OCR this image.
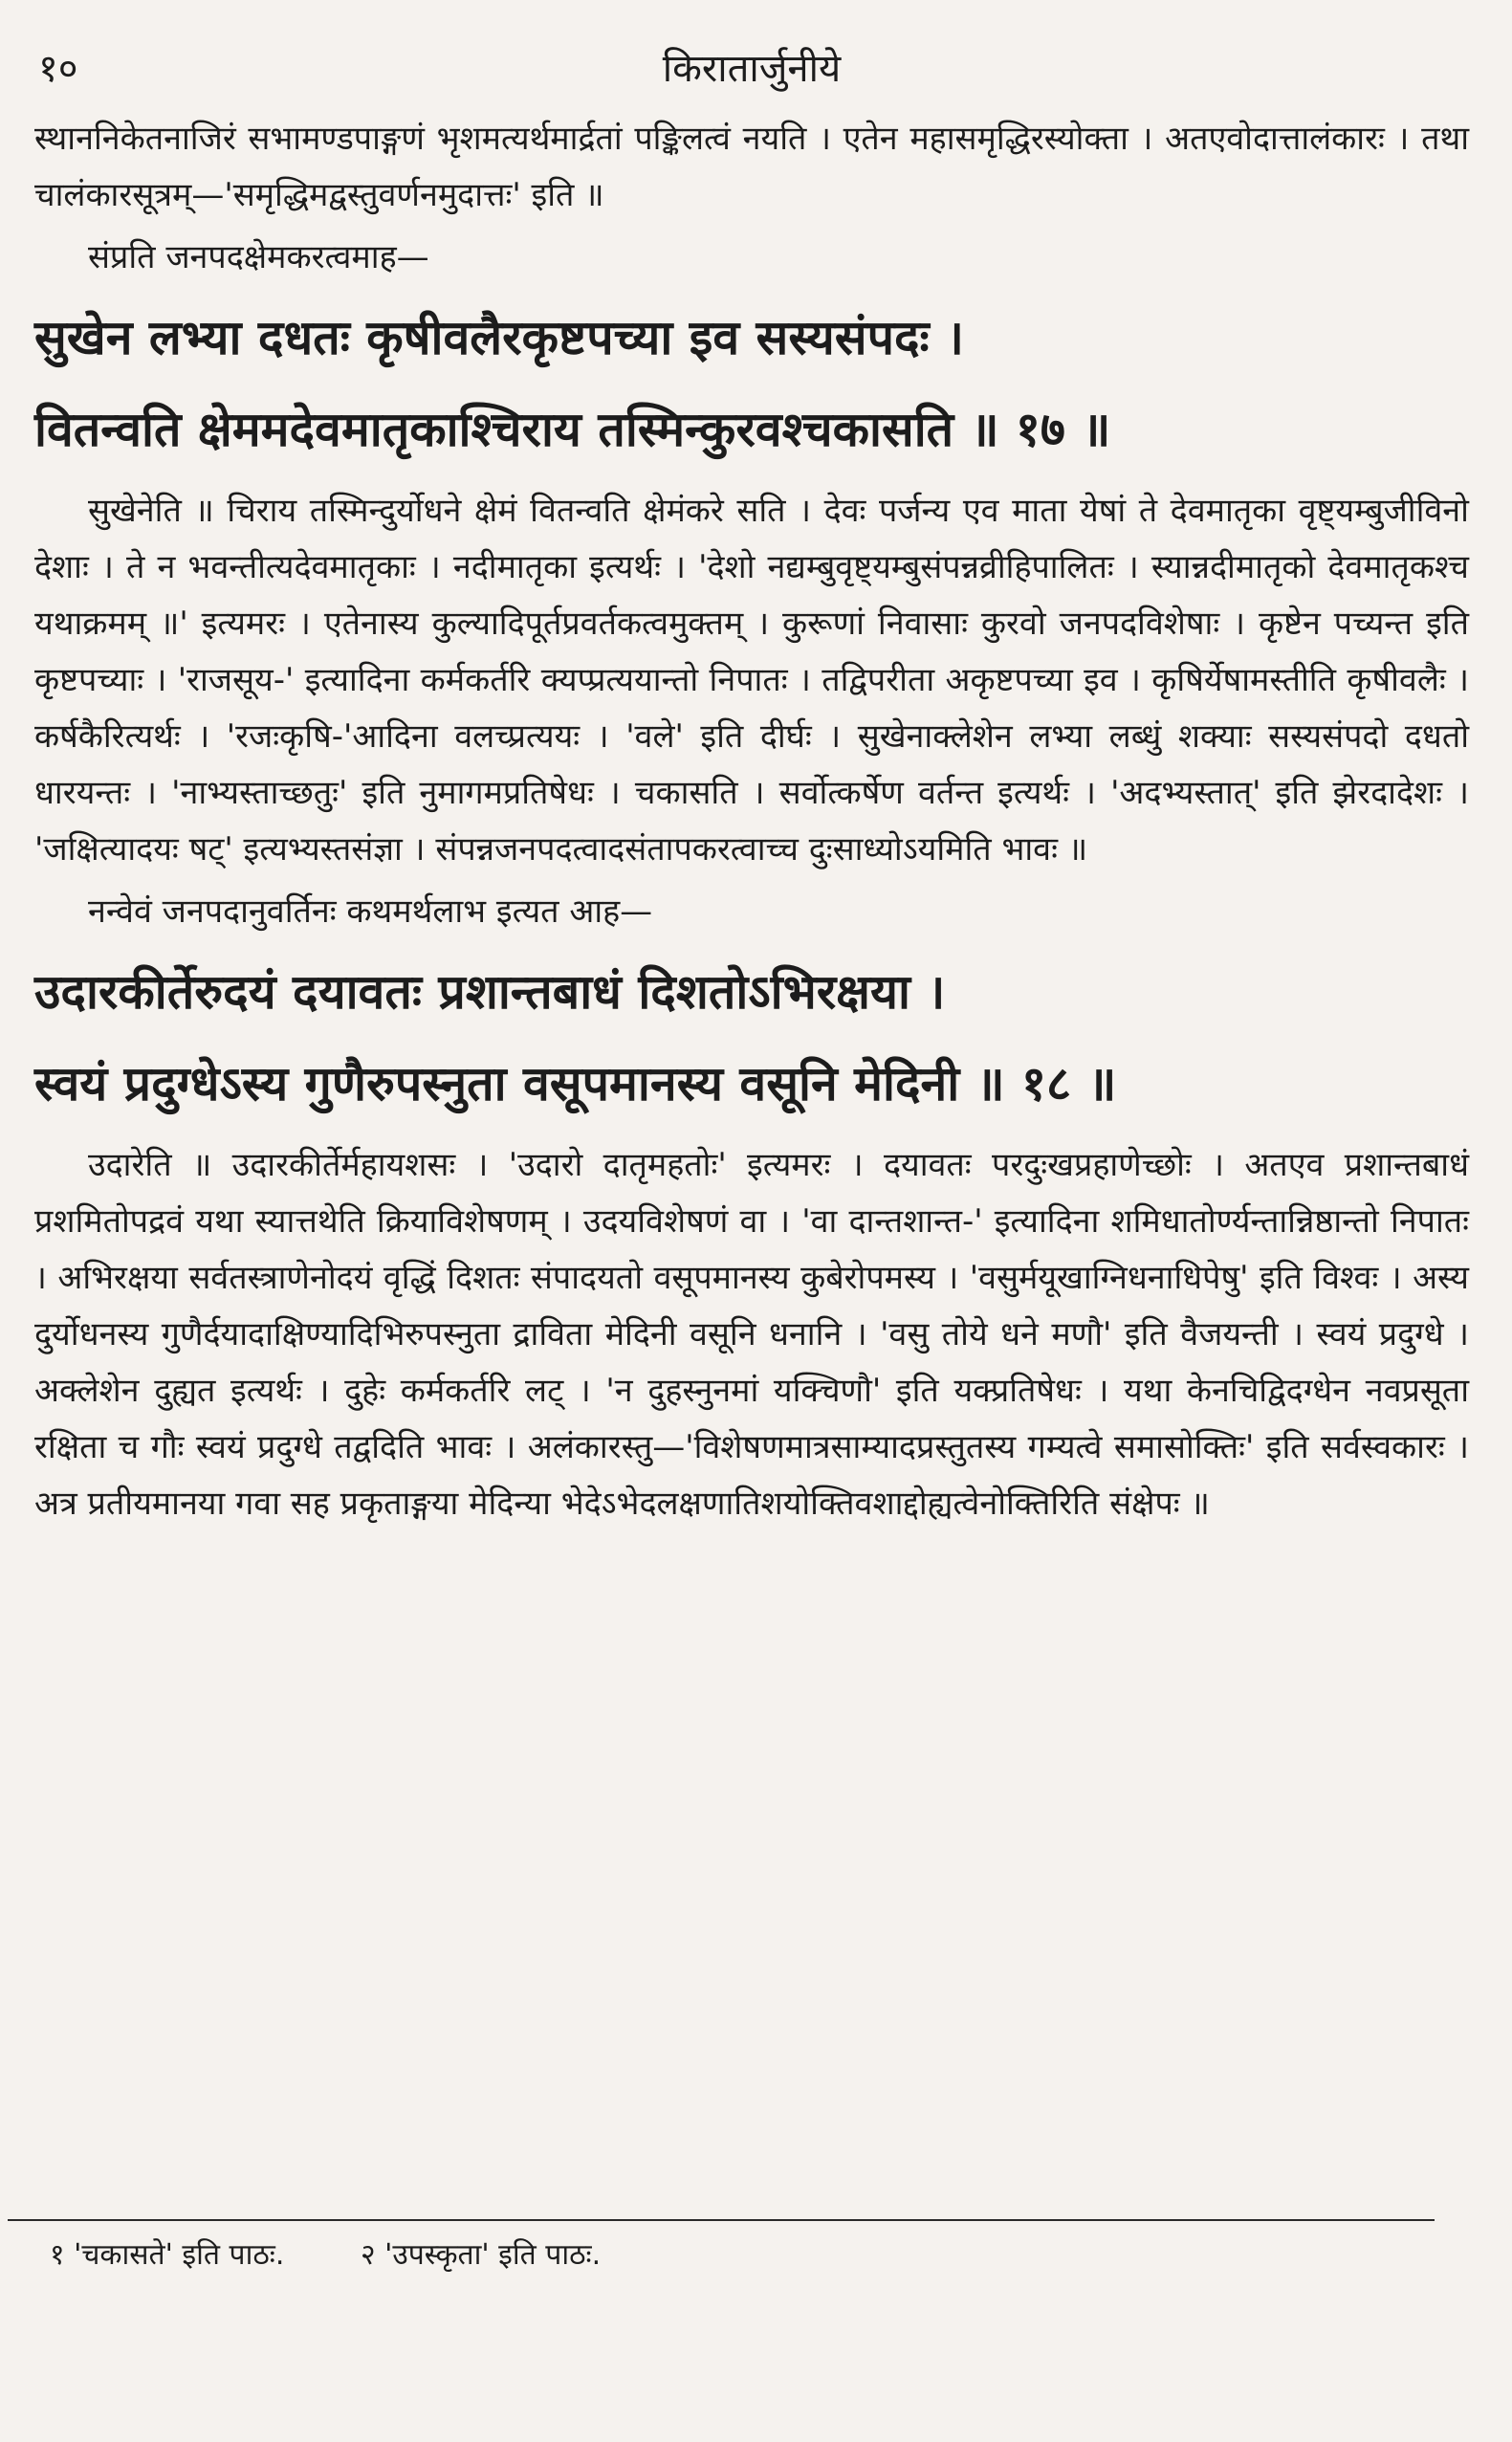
१०	किरातार्जुनीये

स्थाननिकेतनाजिरं सभामण्डपाङ्गणं भृशमत्यर्थमार्द्रतां पङ्किलत्वं नयति । एतेन महासमृद्धिरस्योक्ता । अतएवोदात्तालंकारः । तथा चालंकारसूत्रम्—'समृद्धिमद्वस्तुवर्णनमुदात्तः' इति ॥

संप्रति जनपदक्षेमकरत्वमाह—

सुखेन लभ्या दधतः कृषीवलैरकृष्टपच्या इव सस्यसंपदः ।

वितन्वति क्षेममदेवमातृकाश्चिराय तस्मिन्कुरवश्चकासति ॥ १७ ॥

सुखेनेति ॥ चिराय तस्मिन्दुर्योधने क्षेमं वितन्वति क्षेमंकरे सति । देवः पर्जन्य एव माता येषां ते देवमातृका वृष्ट्यम्बुजीविनो देशाः । ते न भवन्तीत्यदेवमातृकाः । नदीमातृका इत्यर्थः । 'देशो नद्यम्बुवृष्ट्यम्बुसंपन्नव्रीहिपालितः । स्यान्नदीमातृको देवमातृकश्च यथाक्रमम् ॥' इत्यमरः । एतेनास्य कुल्यादिपूर्तप्रवर्तकत्वमुक्तम् । कुरूणां निवासाः कुरवो जनपदविशेषाः । कृष्टेन पच्यन्त इति कृष्टपच्याः । 'राजसूय-' इत्यादिना कर्मकर्तरि क्यप्प्रत्ययान्तो निपातः । तद्विपरीता अकृष्टपच्या इव । कृषिर्येषामस्तीति कृषीवलैः । कर्षकैरित्यर्थः । 'रजःकृषि-'आदिना वलच्प्रत्ययः । 'वले' इति दीर्घः । सुखेनाक्लेशेन लभ्या लब्धुं शक्याः सस्यसंपदो दधतो धारयन्तः । 'नाभ्यस्ताच्छतुः' इति नुमागमप्रतिषेधः । चकासति । सर्वोत्कर्षेण वर्तन्त इत्यर्थः । 'अदभ्यस्तात्' इति झेरदादेशः । 'जक्षित्यादयः षट्' इत्यभ्यस्तसंज्ञा । संपन्नजनपदत्वादसंतापकरत्वाच्च दुःसाध्योऽयमिति भावः ॥

नन्वेवं जनपदानुवर्तिनः कथमर्थलाभ इत्यत आह—

उदारकीर्तेरुदयं दयावतः प्रशान्तबाधं दिशतोऽभिरक्षया ।

स्वयं प्रदुग्धेऽस्य गुणैरुपस्नुता वसूपमानस्य वसूनि मेदिनी ॥ १८ ॥

उदारेति ॥ उदारकीर्तेर्महायशसः । 'उदारो दातृमहतोः' इत्यमरः । दयावतः परदुःखप्रहाणेच्छोः । अतएव प्रशान्तबाधं प्रशमितोपद्रवं यथा स्यात्तथेति क्रियाविशेषणम् । उदयविशेषणं वा । 'वा दान्तशान्त-' इत्यादिना शमिधातोर्ण्यन्तान्निष्ठान्तो निपातः । अभिरक्षया सर्वतस्त्राणेनोदयं वृद्धिं दिशतः संपादयतो वसूपमानस्य कुबेरोपमस्य । 'वसुर्मयूखाग्निधनाधिपेषु' इति विश्वः । अस्य दुर्योधनस्य गुणैर्दयादाक्षिण्यादिभिरुपस्नुता द्राविता मेदिनी वसूनि धनानि । 'वसु तोये धने मणौ' इति वैजयन्ती । स्वयं प्रदुग्धे । अक्लेशेन दुह्यत इत्यर्थः । दुहेः कर्मकर्तरि लट् । 'न दुहस्नुनमां यक्चिणौ' इति यक्प्रतिषेधः । यथा केनचिद्विदग्धेन नवप्रसूता रक्षिता च गौः स्वयं प्रदुग्धे तद्वदिति भावः । अलंकारस्तु—'विशेषणमात्रसाम्यादप्रस्तुतस्य गम्यत्वे समासोक्तिः' इति सर्वस्वकारः । अत्र प्रतीयमानया गवा सह प्रकृताङ्गया मेदिन्या भेदेऽभेदलक्षणातिशयोक्तिवशाद्दोह्यत्वेनोक्तिरिति संक्षेपः ॥

१ 'चकासते' इति पाठः.	२ 'उपस्कृता' इति पाठः.
